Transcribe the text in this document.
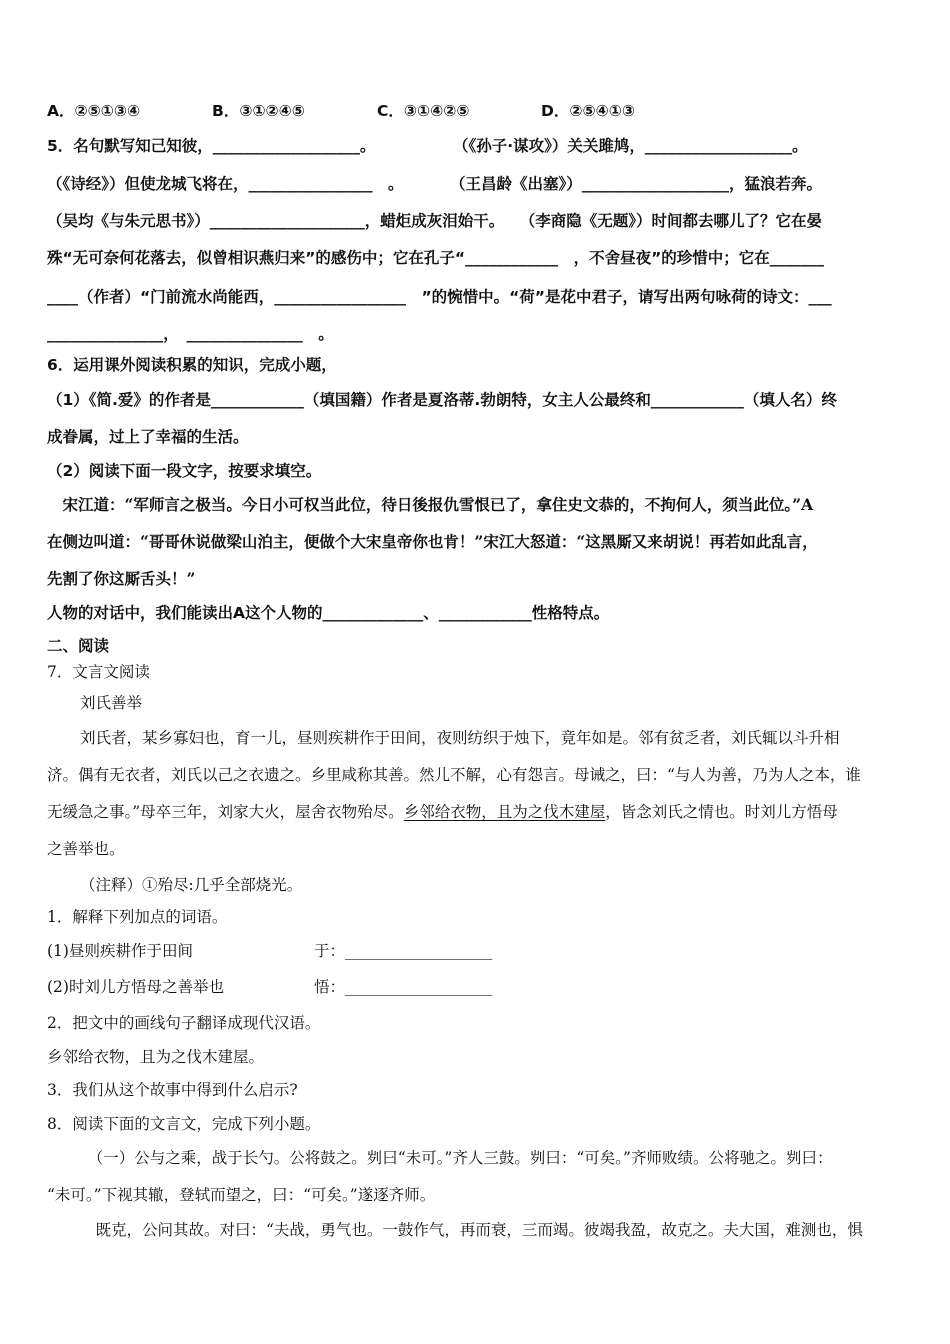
A．②⑤①③④	B．③①②④⑤	C．③①④②⑤	D．②⑤④①③
5．名句默写知己知彼，___________________。　　　　　　（《孙子·谋攻》）关关雎鸠，___________________。
（《诗经》）但使龙城飞将在，________________　。　　　　（王昌龄《出塞》）___________________，猛浪若奔。
（吴均《与朱元思书》）____________________，蜡炬成灰泪始干。　　（李商隐《无题》）时间都去哪儿了？它在晏
殊“无可奈何花落去，似曾相识燕归来”的感伤中；它在孔子“____________　，不舍昼夜”的珍惜中；它在_______
____（作者）“门前流水尚能西，_________________　”的惋惜中。“荷”是花中君子，请写出两句咏荷的诗文：___
_______________，　_______________　。
6．运用课外阅读积累的知识，完成小题，
（1）《简.爱》的作者是____________（填国籍）作者是夏洛蒂.勃朗特，女主人公最终和____________（填人名）终
成眷属，过上了幸福的生活。
（2）阅读下面一段文字，按要求填空。
　宋江道：“军师言之极当。今日小可权当此位，待日後报仇雪恨已了，拿住史文恭的，不拘何人，须当此位。”A
在侧边叫道：“哥哥休说做梁山泊主，便做个大宋皇帝你也肯！”宋江大怒道：“这黑厮又来胡说！再若如此乱言，
先割了你这厮舌头！”
人物的对话中，我们能读出A这个人物的_____________、____________性格特点。
二、阅读
7．文言文阅读
刘氏善举
刘氏者，某乡寡妇也，育一儿，昼则疾耕作于田间，夜则纺织于烛下，竟年如是。邻有贫乏者，刘氏辄以斗升相
济。偶有无衣者，刘氏以己之衣遗之。乡里咸称其善。然儿不解，心有怨言。母诫之，曰：“与人为善，乃为人之本，谁
无缓急之事。”母卒三年，刘家大火，屋舍衣物殆尽。乡邻给衣物，且为之伐木建屋，皆念刘氏之情也。时刘儿方悟母
之善举也。
（注释）①殆尽:几乎全部烧光。
1．解释下列加点的词语。
(1)昼则疾耕作于田间	于：___________________
(2)时刘儿方悟母之善举也	悟：___________________
2．把文中的画线句子翻译成现代汉语。
乡邻给衣物，且为之伐木建屋。
3．我们从这个故事中得到什么启示?
8．阅读下面的文言文，完成下列小题。
　（一）公与之乘，战于长勺。公将鼓之。刿曰“未可。”齐人三鼓。刿曰：“可矣。”齐师败绩。公将驰之。刿曰：
“未可。”下视其辙，登轼而望之，曰：“可矣。”遂逐齐师。
　既克，公问其故。对曰：“夫战，勇气也。一鼓作气，再而衰，三而竭。彼竭我盈，故克之。夫大国，难测也，惧
